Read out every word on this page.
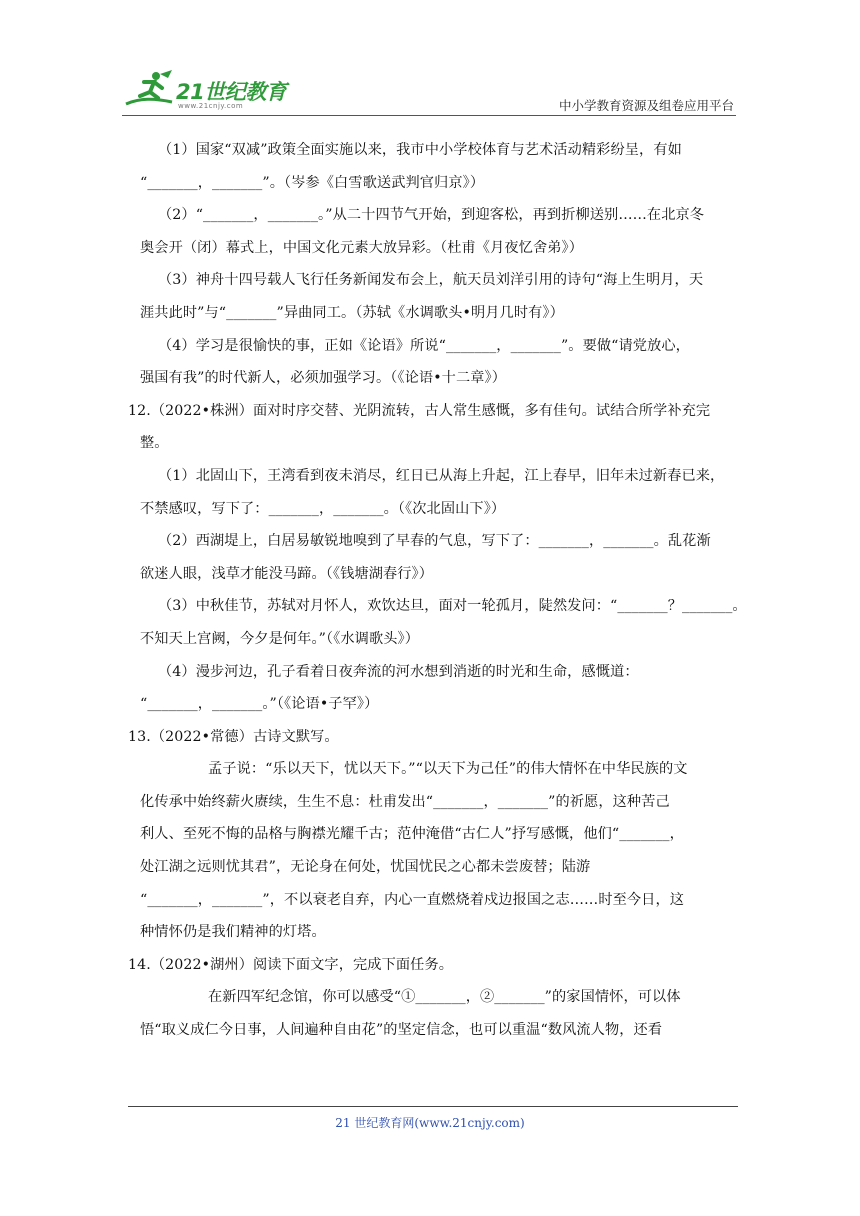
21世纪教育
www.21cnjy.com	中小学教育资源及组卷应用平台
（1）国家“双减”政策全面实施以来，我市中小学校体育与艺术活动精彩纷呈，有如
“_______，_______”。（岑参《白雪歌送武判官归京》）
（2）“_______，_______。”从二十四节气开始，到迎客松，再到折柳送别……在北京冬
奥会开（闭）幕式上，中国文化元素大放异彩。（杜甫《月夜忆舍弟》）
（3）神舟十四号载人飞行任务新闻发布会上，航天员刘洋引用的诗句“海上生明月，天
涯共此时”与“_______”异曲同工。（苏轼《水调歌头•明月几时有》）
（4）学习是很愉快的事，正如《论语》所说“_______，_______”。要做“请党放心，
强国有我”的时代新人，必须加强学习。（《论语•十二章》）
12.（2022•株洲）面对时序交替、光阴流转，古人常生感慨，多有佳句。试结合所学补充完
整。
（1）北固山下，王湾看到夜未消尽，红日已从海上升起，江上春早，旧年未过新春已来，
不禁感叹，写下了：_______，_______。（《次北固山下》）
（2）西湖堤上，白居易敏锐地嗅到了早春的气息，写下了：_______，_______。乱花渐
欲迷人眼，浅草才能没马蹄。（《钱塘湖春行》）
（3）中秋佳节，苏轼对月怀人，欢饮达旦，面对一轮孤月，陡然发问：“_______？_______。
不知天上宫阙，今夕是何年。”（《水调歌头》）
（4）漫步河边，孔子看着日夜奔流的河水想到消逝的时光和生命，感慨道：
“_______，_______。”（《论语•子罕》）
13.（2022•常德）古诗文默写。
孟子说：“乐以天下，忧以天下。”“以天下为己任”的伟大情怀在中华民族的文
化传承中始终薪火赓续，生生不息：杜甫发出“_______，_______”的祈愿，这种苦己
利人、至死不悔的品格与胸襟光耀千古；范仲淹借“古仁人”抒写感慨，他们“_______，
处江湖之远则忧其君”，无论身在何处，忧国忧民之心都未尝废替；陆游
“_______，_______”，不以衰老自弃，内心一直燃烧着戍边报国之志……时至今日，这
种情怀仍是我们精神的灯塔。
14.（2022•湖州）阅读下面文字，完成下面任务。
在新四军纪念馆，你可以感受“①_______，②_______”的家国情怀，可以体
悟“取义成仁今日事，人间遍种自由花”的坚定信念，也可以重温“数风流人物，还看
21 世纪教育网(www.21cnjy.com)
